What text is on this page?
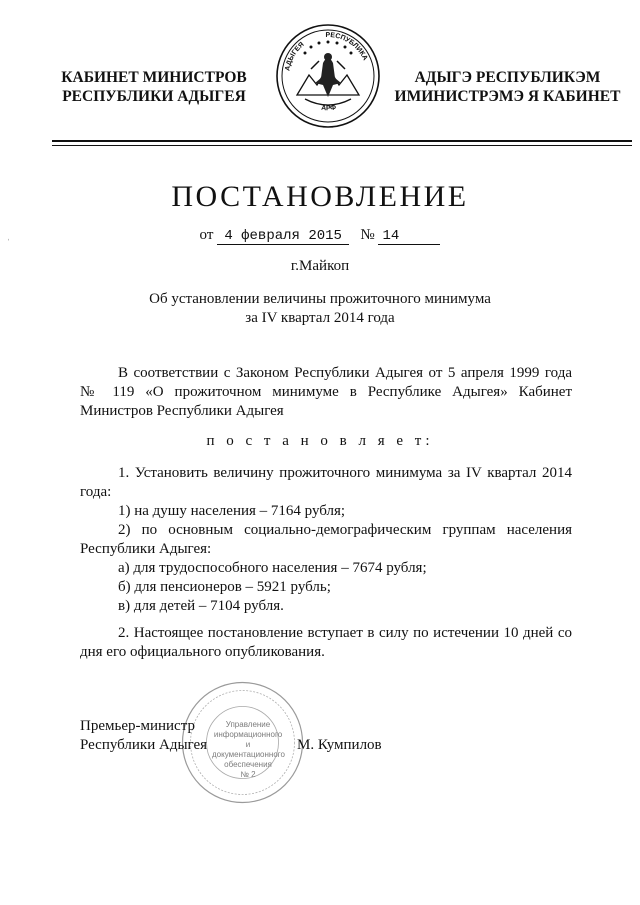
КАБИНЕТ МИНИСТРОВ
РЕСПУБЛИКИ АДЫГЕЯ
АДЫГЕЯ
РЕСПУБЛИКА
АРФ
АДЫГЭ РЕСПУБЛИКЭМ
ИМИНИСТРЭМЭ Я КАБИНЕТ
ˈ
ПОСТАНОВЛЕНИЕ
от 4 февраля 2015 № 14
г.Майкоп
Об установлении величины прожиточного минимума
за IV квартал 2014 года
В соответствии с Законом Республики Адыгея от 5 апреля 1999 года
№ 119 «О прожиточном минимуме в Республике Адыгея» Кабинет
Министров Республики Адыгея
п о с т а н о в л я е т:
1. Установить величину прожиточного минимума за IV квартал 2014
года:
1) на душу населения – 7164 рубля;
2) по основным социально-демографическим группам населения
Республики Адыгея:
а) для трудоспособного населения – 7674 рубля;
б) для пенсионеров – 5921 рубль;
в) для детей – 7104 рубля.
2. Настоящее постановление вступает в силу по истечении 10 дней со
дня его официального опубликования.
Управление
информационного и
документационного
обеспечения
№ 2
Премьер-министр
Республики Адыгея	М. Кумпилов
